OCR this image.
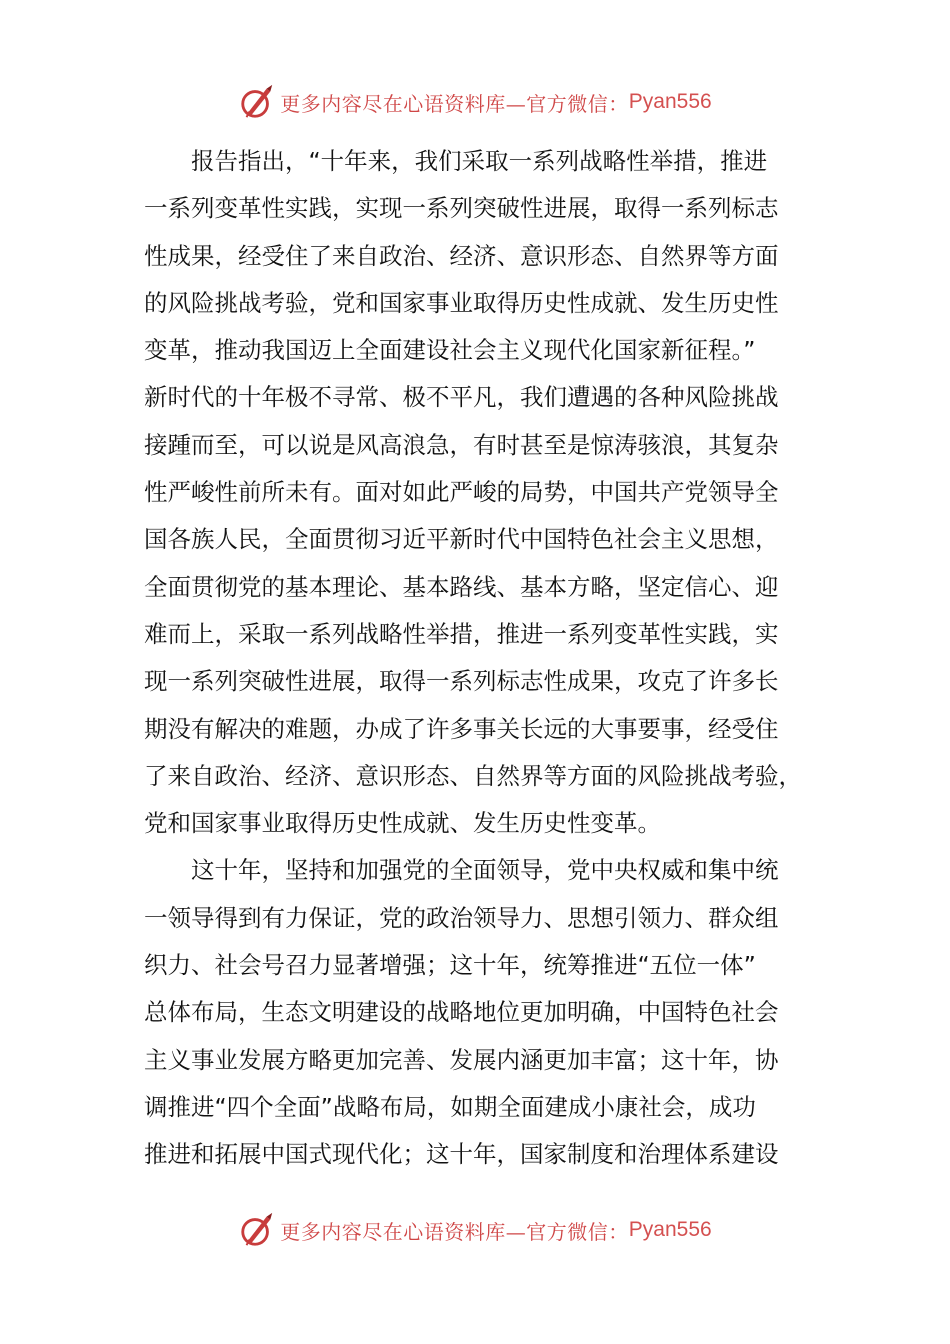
更多内容尽在心语资料库—官方微信： Pyan556
　　报告指出，“十年来，我们采取一系列战略性举措，推进
一系列变革性实践，实现一系列突破性进展，取得一系列标志
性成果，经受住了来自政治、经济、意识形态、自然界等方面
的风险挑战考验，党和国家事业取得历史性成就、发生历史性
变革，推动我国迈上全面建设社会主义现代化国家新征程。”
新时代的十年极不寻常、极不平凡，我们遭遇的各种风险挑战
接踵而至，可以说是风高浪急，有时甚至是惊涛骇浪，其复杂
性严峻性前所未有。面对如此严峻的局势，中国共产党领导全
国各族人民，全面贯彻习近平新时代中国特色社会主义思想，
全面贯彻党的基本理论、基本路线、基本方略，坚定信心、迎
难而上，采取一系列战略性举措，推进一系列变革性实践，实
现一系列突破性进展，取得一系列标志性成果，攻克了许多长
期没有解决的难题，办成了许多事关长远的大事要事，经受住
了来自政治、经济、意识形态、自然界等方面的风险挑战考验，
党和国家事业取得历史性成就、发生历史性变革。
　　这十年，坚持和加强党的全面领导，党中央权威和集中统
一领导得到有力保证，党的政治领导力、思想引领力、群众组
织力、社会号召力显著增强；这十年，统筹推进“五位一体”
总体布局，生态文明建设的战略地位更加明确，中国特色社会
主义事业发展方略更加完善、发展内涵更加丰富；这十年，协
调推进“四个全面”战略布局，如期全面建成小康社会，成功
推进和拓展中国式现代化；这十年，国家制度和治理体系建设
更多内容尽在心语资料库—官方微信： Pyan556
